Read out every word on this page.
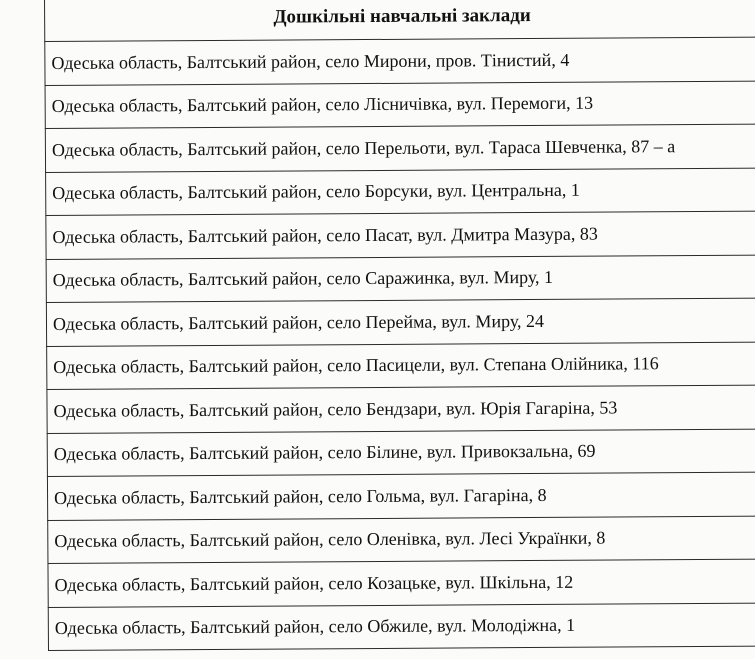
Дошкільні навчальні заклади
Одеська область, Балтський район, село Мирони, пров. Тінистий, 4
Одеська область, Балтський район, село Лісничівка, вул. Перемоги, 13
Одеська область, Балтський район, село Перельоти, вул. Тараса Шевченка, 87 – а
Одеська область, Балтський район, село Борсуки, вул. Центральна, 1
Одеська область, Балтський район, село Пасат, вул. Дмитра Мазура, 83
Одеська область, Балтський район, село Саражинка, вул. Миру, 1
Одеська область, Балтський район, село Перейма, вул. Миру, 24
Одеська область, Балтський район, село Пасицели, вул. Степана Олійника, 116
Одеська область, Балтський район, село Бендзари, вул. Юрія Гагаріна, 53
Одеська область, Балтський район, село Білине, вул. Привокзальна, 69
Одеська область, Балтський район, село Гольма, вул. Гагаріна, 8
Одеська область, Балтський район, село Оленівка, вул. Лесі Українки, 8
Одеська область, Балтський район, село Козацьке, вул. Шкільна, 12
Одеська область, Балтський район, село Обжиле, вул. Молодіжна, 1
